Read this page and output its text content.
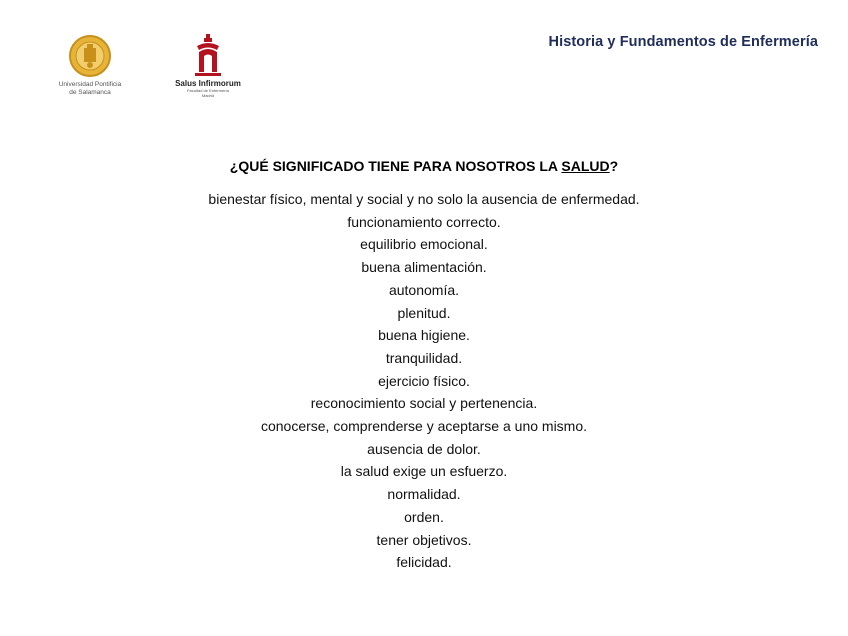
Universidad Pontificia
de Salamanca
Salus Infirmorum
Facultad de Enfermería
Madrid
Historia y Fundamentos de Enfermería
¿QUÉ SIGNIFICADO TIENE PARA NOSOTROS LA SALUD?
bienestar físico, mental y social y no solo la ausencia de enfermedad.
funcionamiento correcto.
equilibrio emocional.
buena alimentación.
autonomía.
plenitud.
buena higiene.
tranquilidad.
ejercicio físico.
reconocimiento social y pertenencia.
conocerse, comprenderse y aceptarse a uno mismo.
ausencia de dolor.
la salud exige un esfuerzo.
normalidad.
orden.
tener objetivos.
felicidad.
